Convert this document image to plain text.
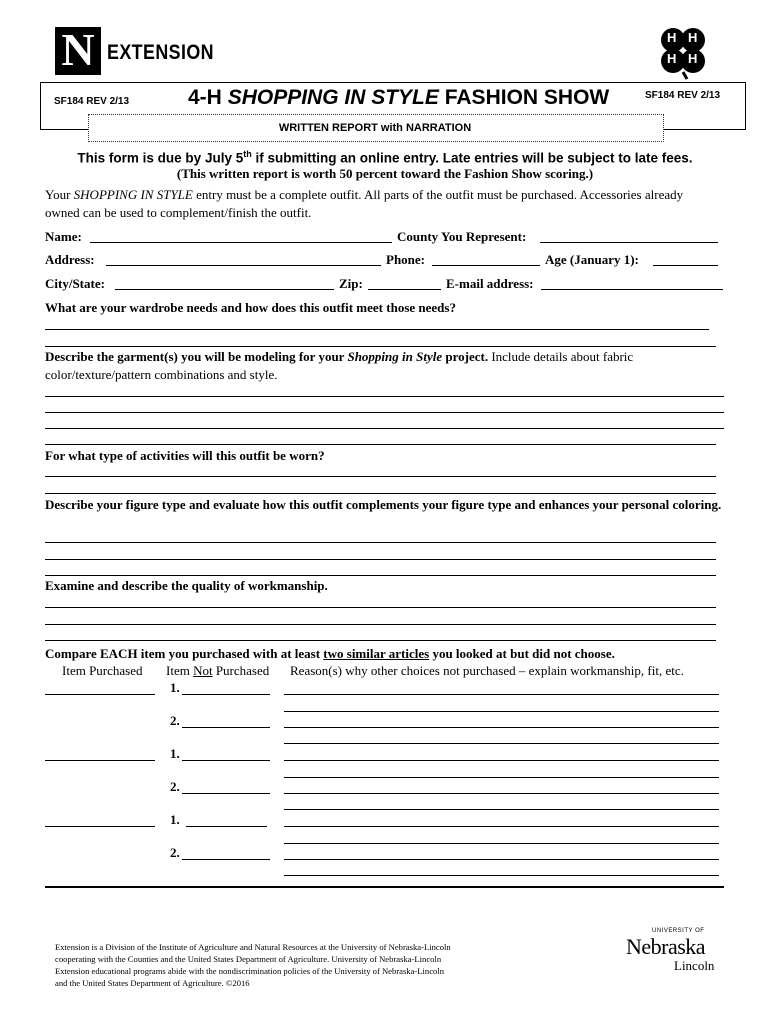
N EXTENSION
H H
H H
SF184 REV 2/13
SF184 REV 2/13
4-H SHOPPING IN STYLE FASHION SHOW
WRITTEN REPORT with NARRATION
This form is due by July 5th if submitting an online entry. Late entries will be subject to late fees.
(This written report is worth 50 percent toward the Fashion Show scoring.)
Your SHOPPING IN STYLE entry must be a complete outfit. All parts of the outfit must be purchased. Accessories already owned can be used to complement/finish the outfit.
Name:	County You Represent:
Address:	Phone:	Age (January 1):
City/State:	Zip:	E-mail address:
What are your wardrobe needs and how does this outfit meet those needs?
Describe the garment(s) you will be modeling for your Shopping in Style project. Include details about fabric color/texture/pattern combinations and style.
For what type of activities will this outfit be worn?
Describe your figure type and evaluate how this outfit complements your figure type and enhances your personal coloring.
Examine and describe the quality of workmanship.
Compare EACH item you purchased with at least two similar articles you looked at but did not choose.
Item Purchased Item Not Purchased Reason(s) why other choices not purchased – explain workmanship, fit, etc.
1.
2.
1.
2.
1.
2.
Extension is a Division of the Institute of Agriculture and Natural Resources at the University of Nebraska-Lincoln
cooperating with the Counties and the United States Department of Agriculture. University of Nebraska-Lincoln
Extension educational programs abide with the nondiscrimination policies of the University of Nebraska-Lincoln
and the United States Department of Agriculture. ©2016
UNIVERSITY OF
Nebraska
Lincoln
